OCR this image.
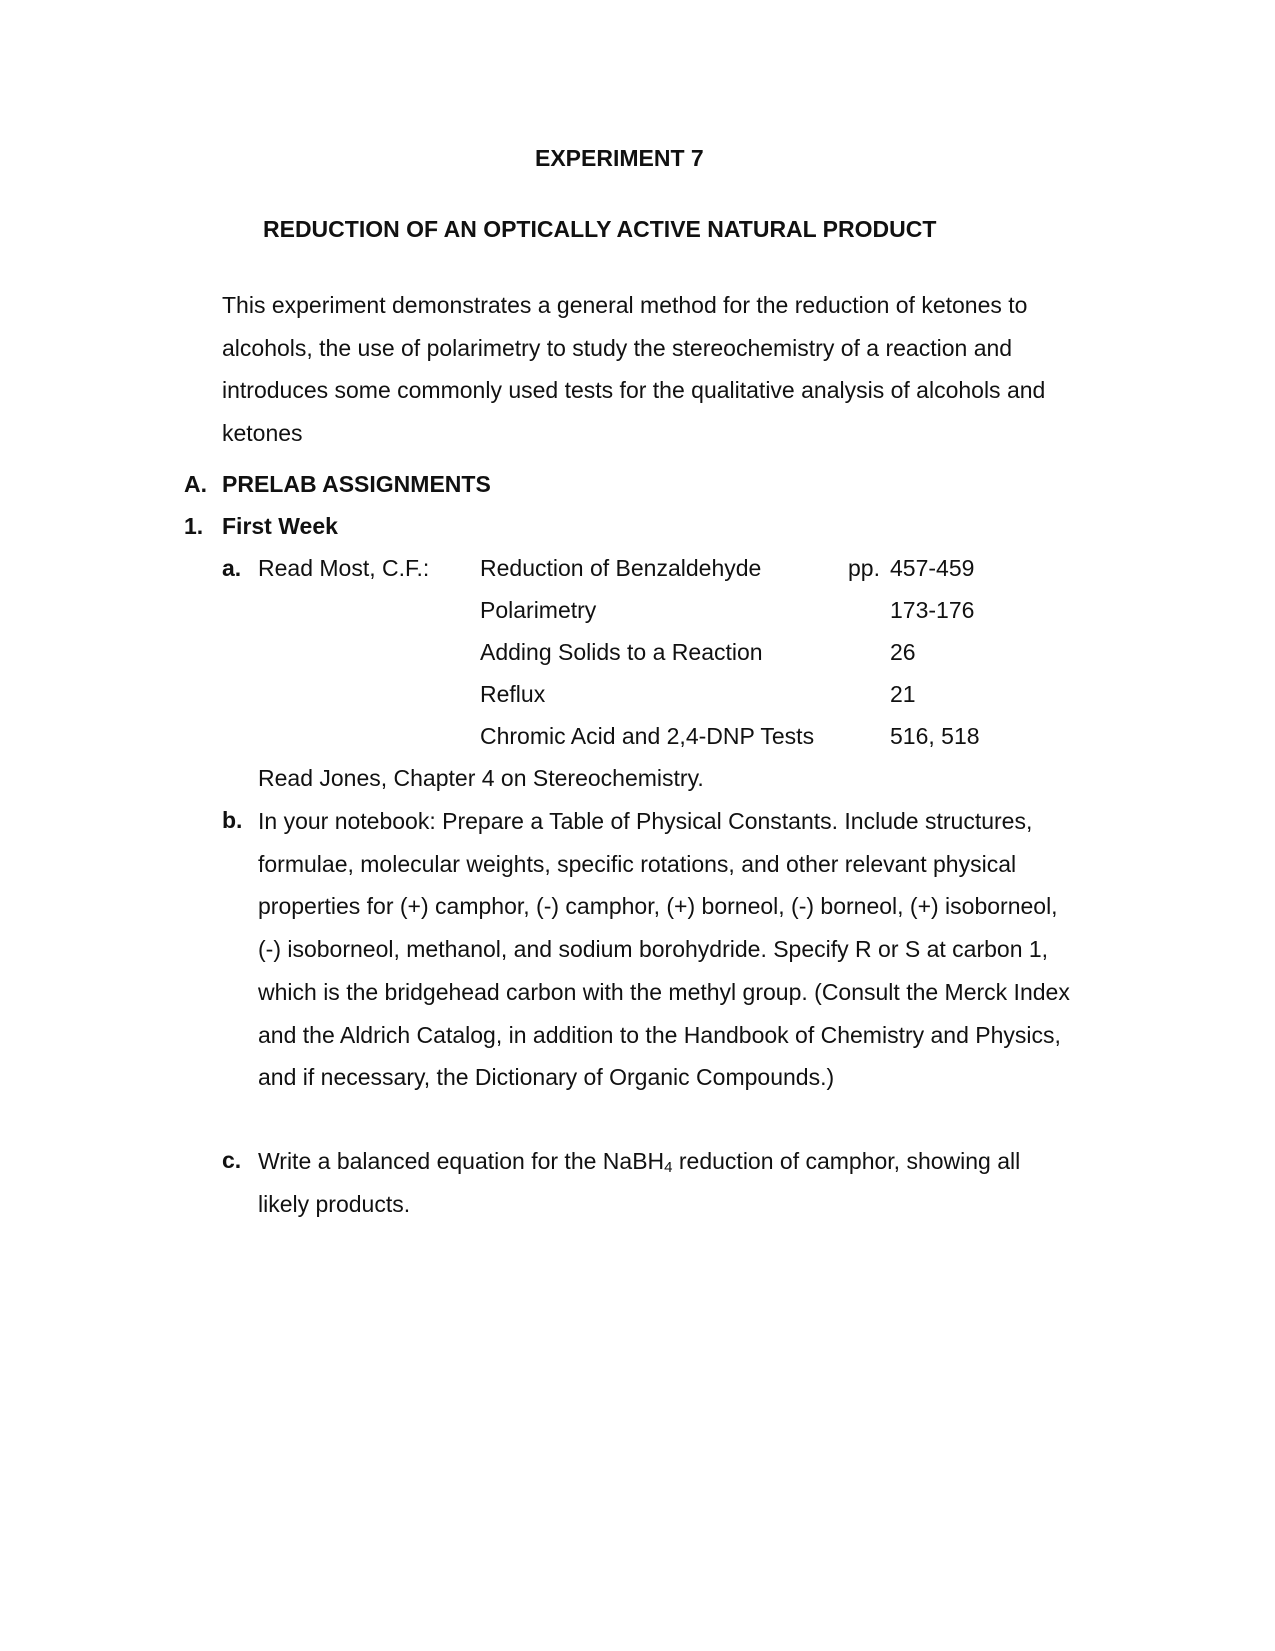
EXPERIMENT 7
REDUCTION OF AN OPTICALLY ACTIVE NATURAL PRODUCT
This experiment demonstrates a general method for the reduction of ketones to alcohols, the use of polarimetry to study the stereochemistry of a reaction and introduces some commonly used tests for the qualitative analysis of alcohols and ketones
A. PRELAB ASSIGNMENTS
1. First Week
a. Read Most, C.F.: Reduction of Benzaldehyde	pp. 457-459
Polarimetry	173-176
Adding Solids to a Reaction	26
Reflux	21
Chromic Acid and 2,4-DNP Tests	516, 518
Read Jones, Chapter 4 on Stereochemistry.
b. In your notebook: Prepare a Table of Physical Constants. Include structures, formulae, molecular weights, specific rotations, and other relevant physical properties for (+) camphor, (-) camphor, (+) borneol, (-) borneol, (+) isoborneol, (-) isoborneol, methanol, and sodium borohydride. Specify R or S at carbon 1, which is the bridgehead carbon with the methyl group. (Consult the Merck Index and the Aldrich Catalog, in addition to the Handbook of Chemistry and Physics, and if necessary, the Dictionary of Organic Compounds.)
c. Write a balanced equation for the NaBH$_4$ reduction of camphor, showing all likely products.
